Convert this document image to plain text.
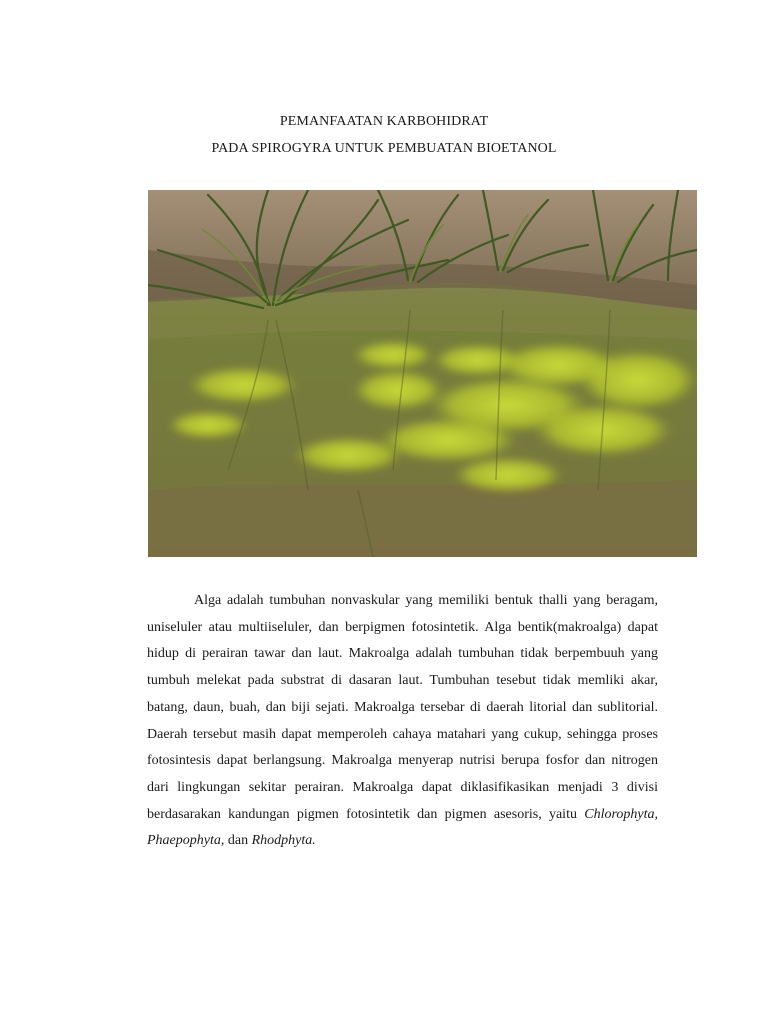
PEMANFAATAN KARBOHIDRAT
PADA SPIROGYRA UNTUK PEMBUATAN BIOETANOL

Alga adalah tumbuhan nonvaskular yang memiliki bentuk thalli yang beragam, uniseluler atau multiiseluler, dan berpigmen fotosintetik. Alga bentik(makroalga) dapat hidup di perairan tawar dan laut. Makroalga adalah tumbuhan tidak berpembuuh yang tumbuh melekat pada substrat di dasaran laut. Tumbuhan tesebut tidak memliki akar, batang, daun, buah, dan biji sejati. Makroalga tersebar di daerah litorial dan sublitorial. Daerah tersebut masih dapat memperoleh cahaya matahari yang cukup, sehingga proses fotosintesis dapat berlangsung. Makroalga menyerap nutrisi berupa fosfor dan nitrogen dari lingkungan sekitar perairan. Makroalga dapat diklasifikasikan menjadi 3 divisi berdasarakan kandungan pigmen fotosintetik dan pigmen asesoris, yaitu Chlorophyta, Phaepophyta, dan Rhodphyta.
